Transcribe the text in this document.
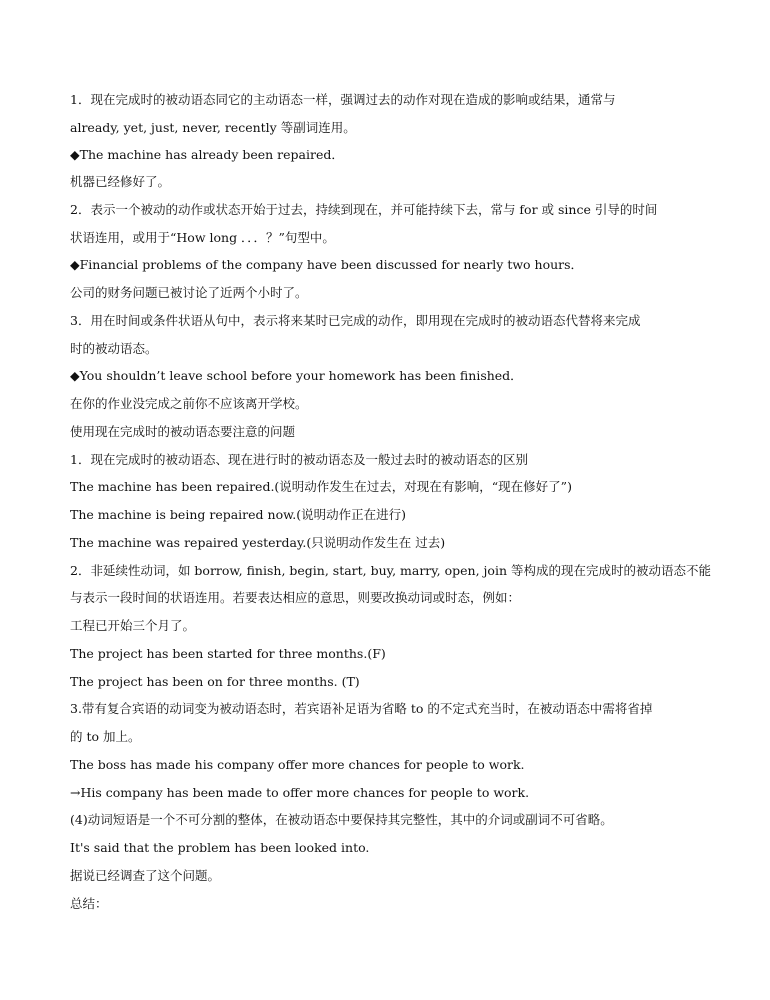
1．现在完成时的被动语态同它的主动语态一样，强调过去的动作对现在造成的影响或结果，通常与

already, yet, just, never, recently 等副词连用。

◆The machine has already been repaired．

机器已经修好了。

2．表示一个被动的动作或状态开始于过去，持续到现在，并可能持续下去，常与 for 或 since 引导的时间

状语连用，或用于“How long ．．．？”句型中。

◆Financial problems of the company have been discussed for nearly two hours．

公司的财务问题已被讨论了近两个小时了。

3．用在时间或条件状语从句中，表示将来某时已完成的动作，即用现在完成时的被动语态代替将来完成

时的被动语态。

◆You shouldn’t leave school before your homework has been finished．

在你的作业没完成之前你不应该离开学校。

使用现在完成时的被动语态要注意的问题

1．现在完成时的被动语态、现在进行时的被动语态及一般过去时的被动语态的区别

The machine has been repaired.(说明动作发生在过去，对现在有影响，“现在修好了”)

The machine is being repaired now.(说明动作正在进行)

The machine was repaired yesterday.(只说明动作发生在 过去)

2．非延续性动词，如 borrow, finish, begin, start, buy, marry, open, join 等构成的现在完成时的被动语态不能

与表示一段时间的状语连用。若要表达相应的意思，则要改换动词或时态，例如：

工程已开始三个月了。

The project has been started for three months.(F)

The project has been on for three months. (T)

3.带有复合宾语的动词变为被动语态时，若宾语补足语为省略 to 的不定式充当时，在被动语态中需将省掉

的 to 加上。

The boss has made his company offer more chances for people to work.

→His company has been made to offer more chances for people to work.

(4)动词短语是一个不可分割的整体，在被动语态中要保持其完整性，其中的介词或副词不可省略。

It's said that the problem has been looked into.

据说已经调查了这个问题。

总结：
